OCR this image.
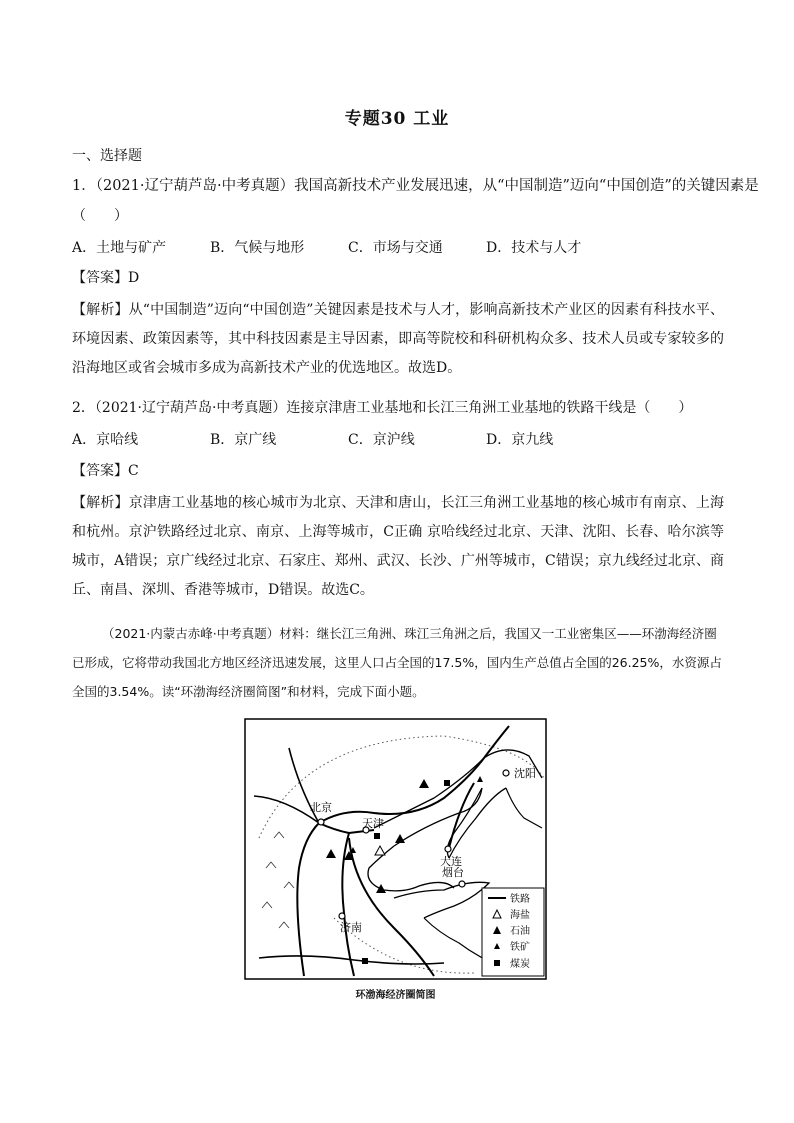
专题30 工业
一、选择题
1．（2021·辽宁葫芦岛·中考真题）我国高新技术产业发展迅速，从“中国制造”迈向“中国创造”的关键因素是
（　　）
A．土地与矿产	B．气候与地形	C．市场与交通	D．技术与人才
【答案】D
【解析】从“中国制造”迈向“中国创造”关键因素是技术与人才，影响高新技术产业区的因素有科技水平、环境因素、政策因素等，其中科技因素是主导因素，即高等院校和科研机构众多、技术人员或专家较多的沿海地区或省会城市多成为高新技术产业的优选地区。故选D。
2．（2021·辽宁葫芦岛·中考真题）连接京津唐工业基地和长江三角洲工业基地的铁路干线是（　　）
A．京哈线	B．京广线	C．京沪线	D．京九线
【答案】C
【解析】京津唐工业基地的核心城市为北京、天津和唐山，长江三角洲工业基地的核心城市有南京、上海和杭州。京沪铁路经过北京、南京、上海等城市，C正确 京哈线经过北京、天津、沈阳、长春、哈尔滨等城市，A错误；京广线经过北京、石家庄、郑州、武汉、长沙、广州等城市，C错误；京九线经过北京、商丘、南昌、深圳、香港等城市，D错误。故选C。
（2021·内蒙古赤峰·中考真题）材料：继长江三角洲、珠江三角洲之后，我国又一工业密集区——环渤海经济圈已形成，它将带动我国北方地区经济迅速发展，这里人口占全国的17.5%，国内生产总值占全国的26.25%，水资源占全国的3.54%。读“环渤海经济圈简图”和材料，完成下面小题。
北京
天津
沈阳
大连
烟台
济南
铁路
海盐
石油
铁矿
煤炭
环渤海经济圈简图
